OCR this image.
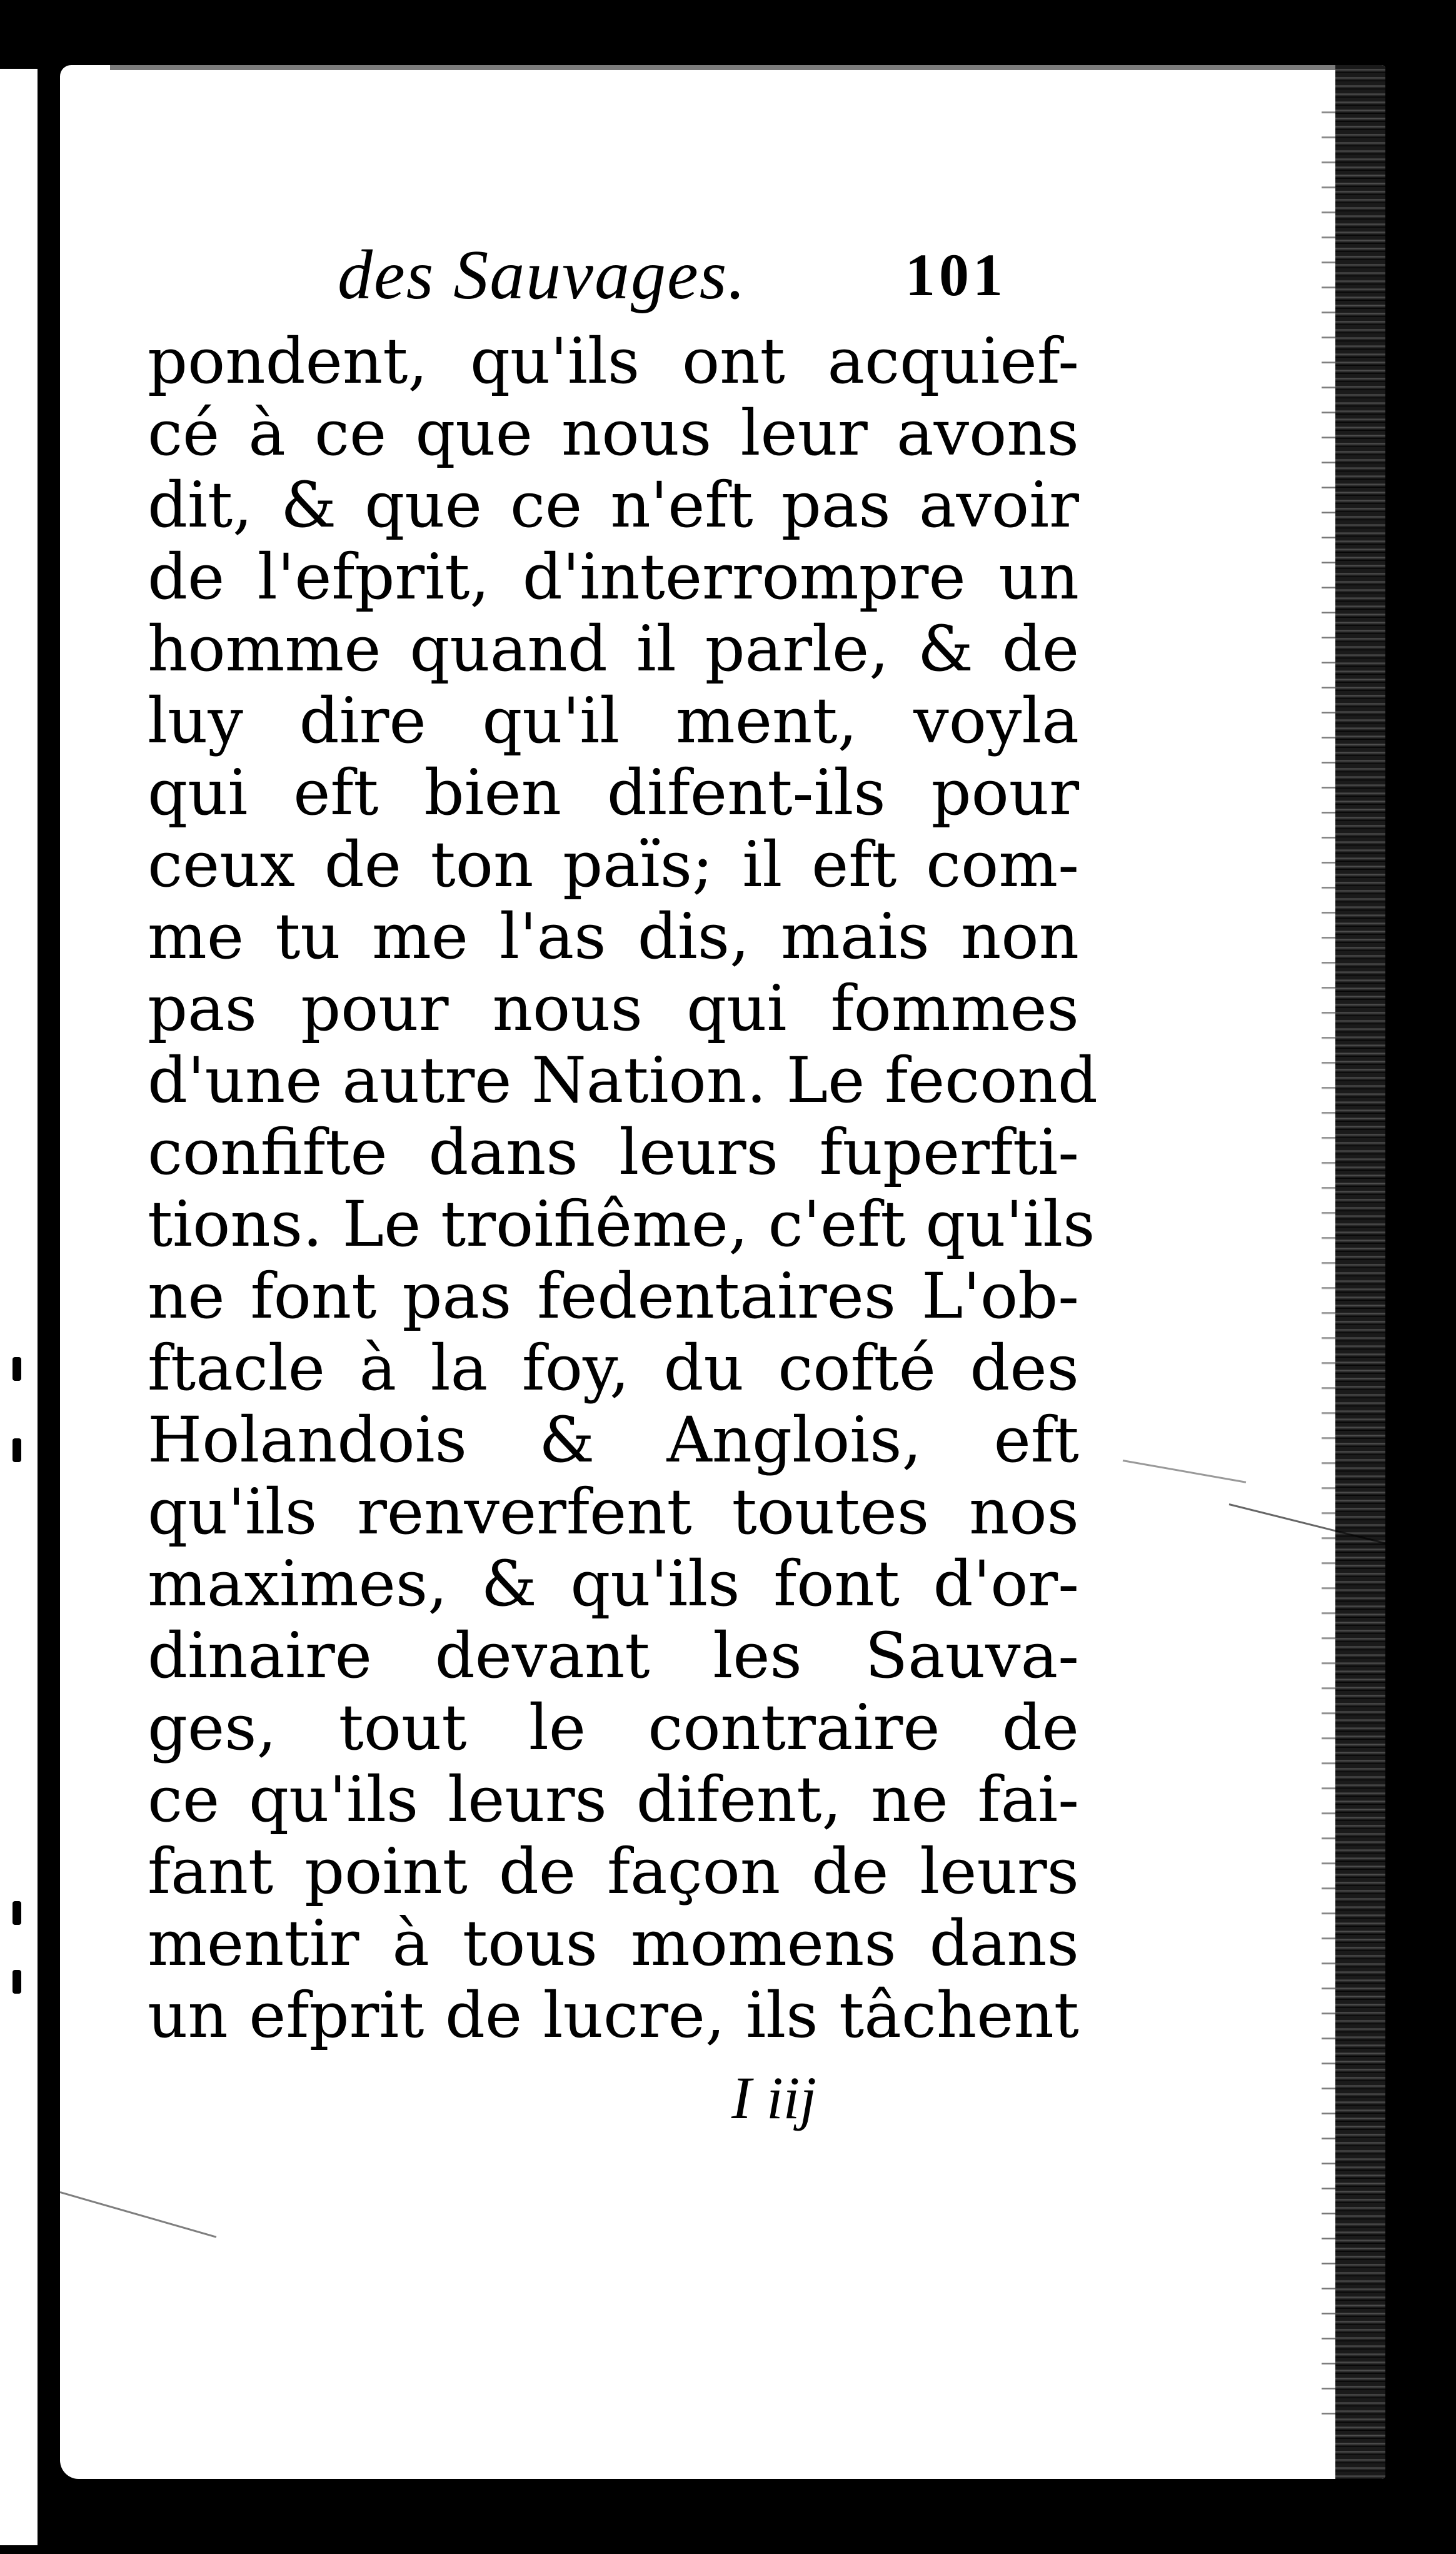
des Sauvages.	101
pondent, qu'ils ont acquief-
cé à ce que nous leur avons
dit, & que ce n'eft pas avoir
de l'efprit, d'interrompre un
homme quand il parle, & de
luy dire qu'il ment, voyla
qui eft bien difent-ils pour
ceux de ton païs; il eft com-
me tu me l'as dis, mais non
pas pour nous qui fommes
d'une autre Nation. Le fecond
confifte dans leurs fuperfti-
tions. Le troifiême, c'eft qu'ils
ne font pas fedentaires L'ob-
ftacle à la foy, du cofté des
Holandois & Anglois, eft
qu'ils renverfent toutes nos
maximes, & qu'ils font d'or-
dinaire devant les Sauva-
ges, tout le contraire de
ce qu'ils leurs difent, ne fai-
fant point de façon de leurs
mentir à tous momens dans
un efprit de lucre, ils tâchent
I iij
